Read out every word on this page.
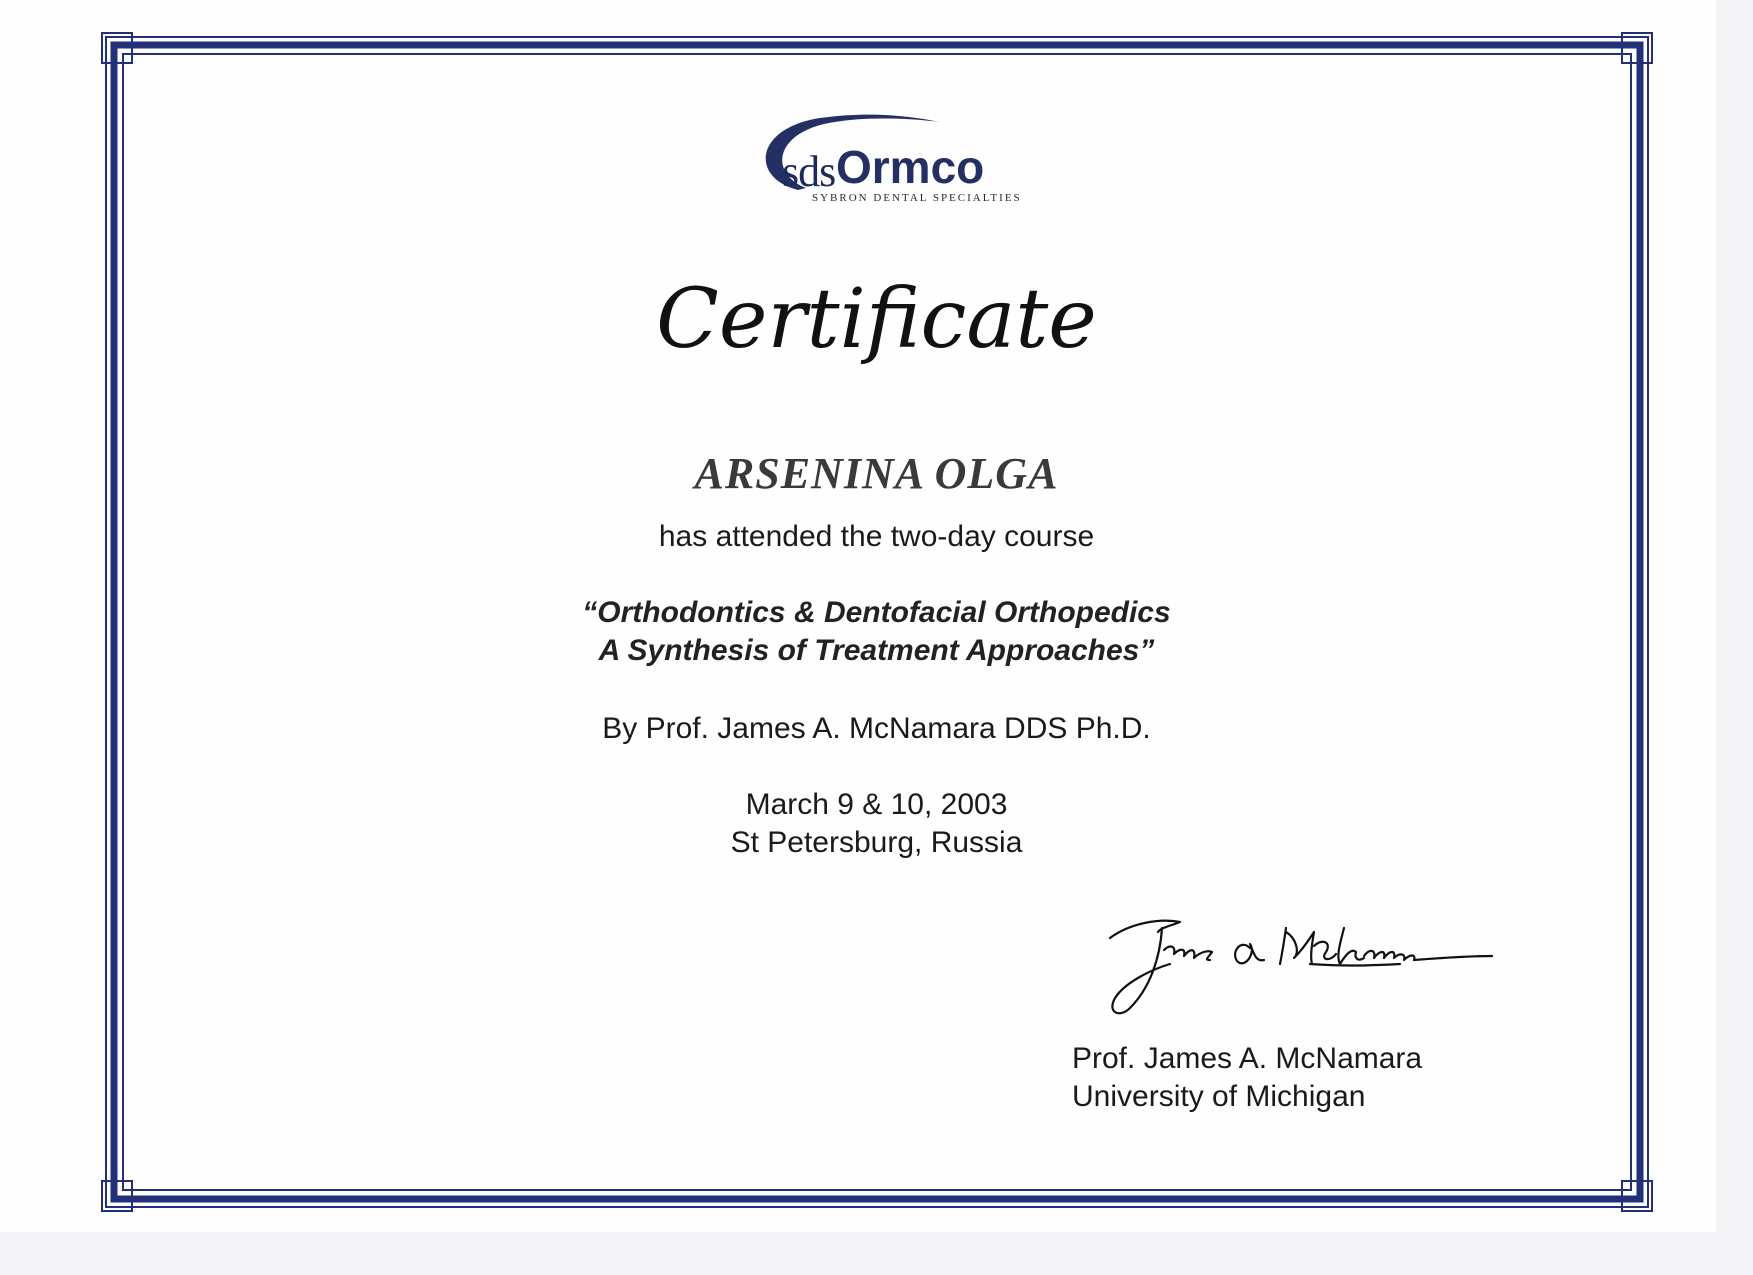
sds Ormco
SYBRON DENTAL SPECIALTIES
Certificate
ARSENINA OLGA
has attended the two-day course
“Orthodontics & Dentofacial Orthopedics
A Synthesis of Treatment Approaches”
By Prof. James A. McNamara DDS Ph.D.
March 9 & 10, 2003
St Petersburg, Russia
Prof. James A. McNamara
University of Michigan
